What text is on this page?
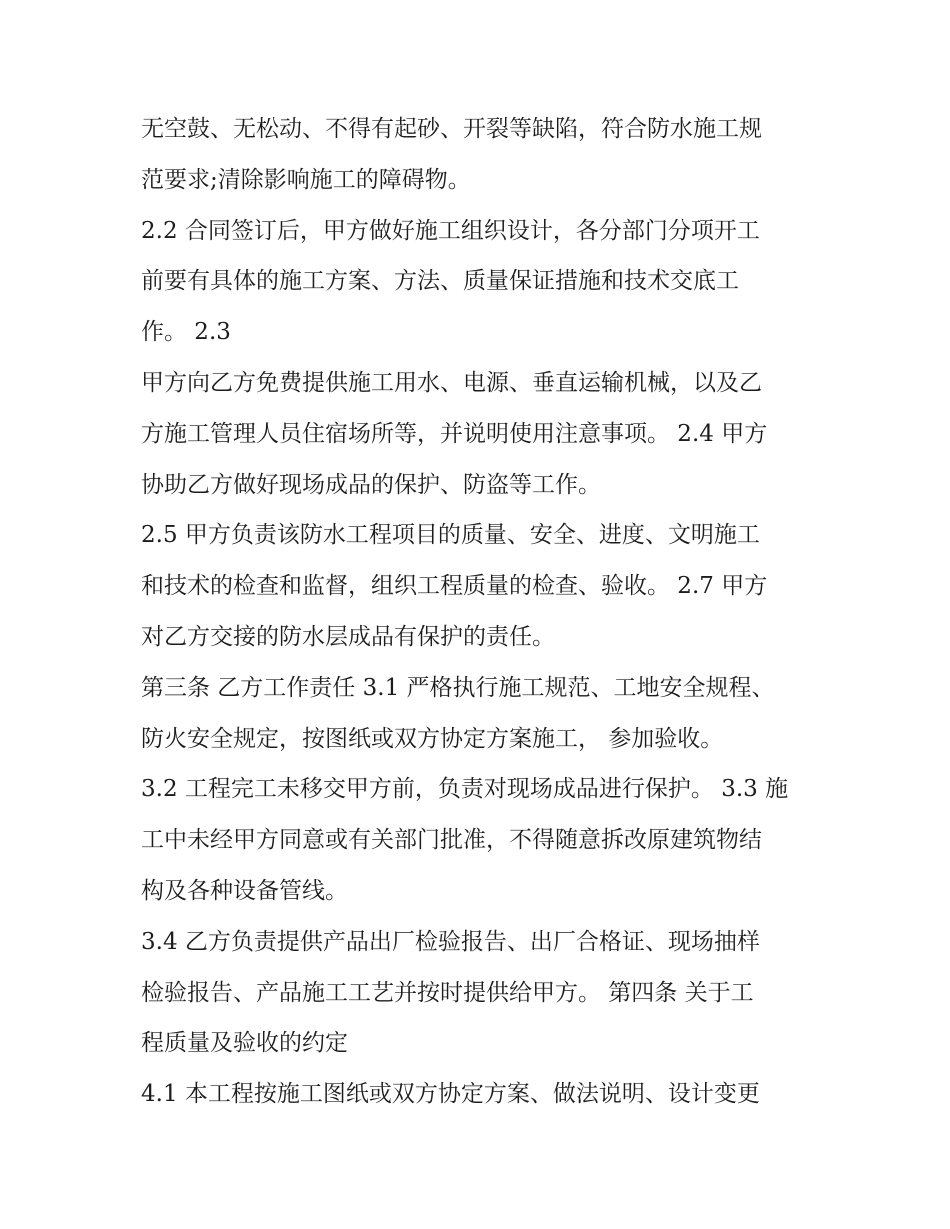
无空鼓、无松动、不得有起砂、开裂等缺陷，符合防水施工规
范要求;清除影响施工的障碍物。
2.2 合同签订后，甲方做好施工组织设计，各分部门分项开工
前要有具体的施工方案、方法、质量保证措施和技术交底工
作。 2.3
甲方向乙方免费提供施工用水、电源、垂直运输机械，以及乙
方施工管理人员住宿场所等，并说明使用注意事项。 2.4 甲方
协助乙方做好现场成品的保护、防盗等工作。
2.5 甲方负责该防水工程项目的质量、安全、进度、文明施工
和技术的检查和监督，组织工程质量的检查、验收。 2.7 甲方
对乙方交接的防水层成品有保护的责任。
第三条 乙方工作责任 3.1 严格执行施工规范、工地安全规程、
防火安全规定，按图纸或双方协定方案施工， 参加验收。
3.2 工程完工未移交甲方前，负责对现场成品进行保护。 3.3 施
工中未经甲方同意或有关部门批准，不得随意拆改原建筑物结
构及各种设备管线。
3.4 乙方负责提供产品出厂检验报告、出厂合格证、现场抽样
检验报告、产品施工工艺并按时提供给甲方。 第四条 关于工
程质量及验收的约定
4.1 本工程按施工图纸或双方协定方案、做法说明、设计变更
